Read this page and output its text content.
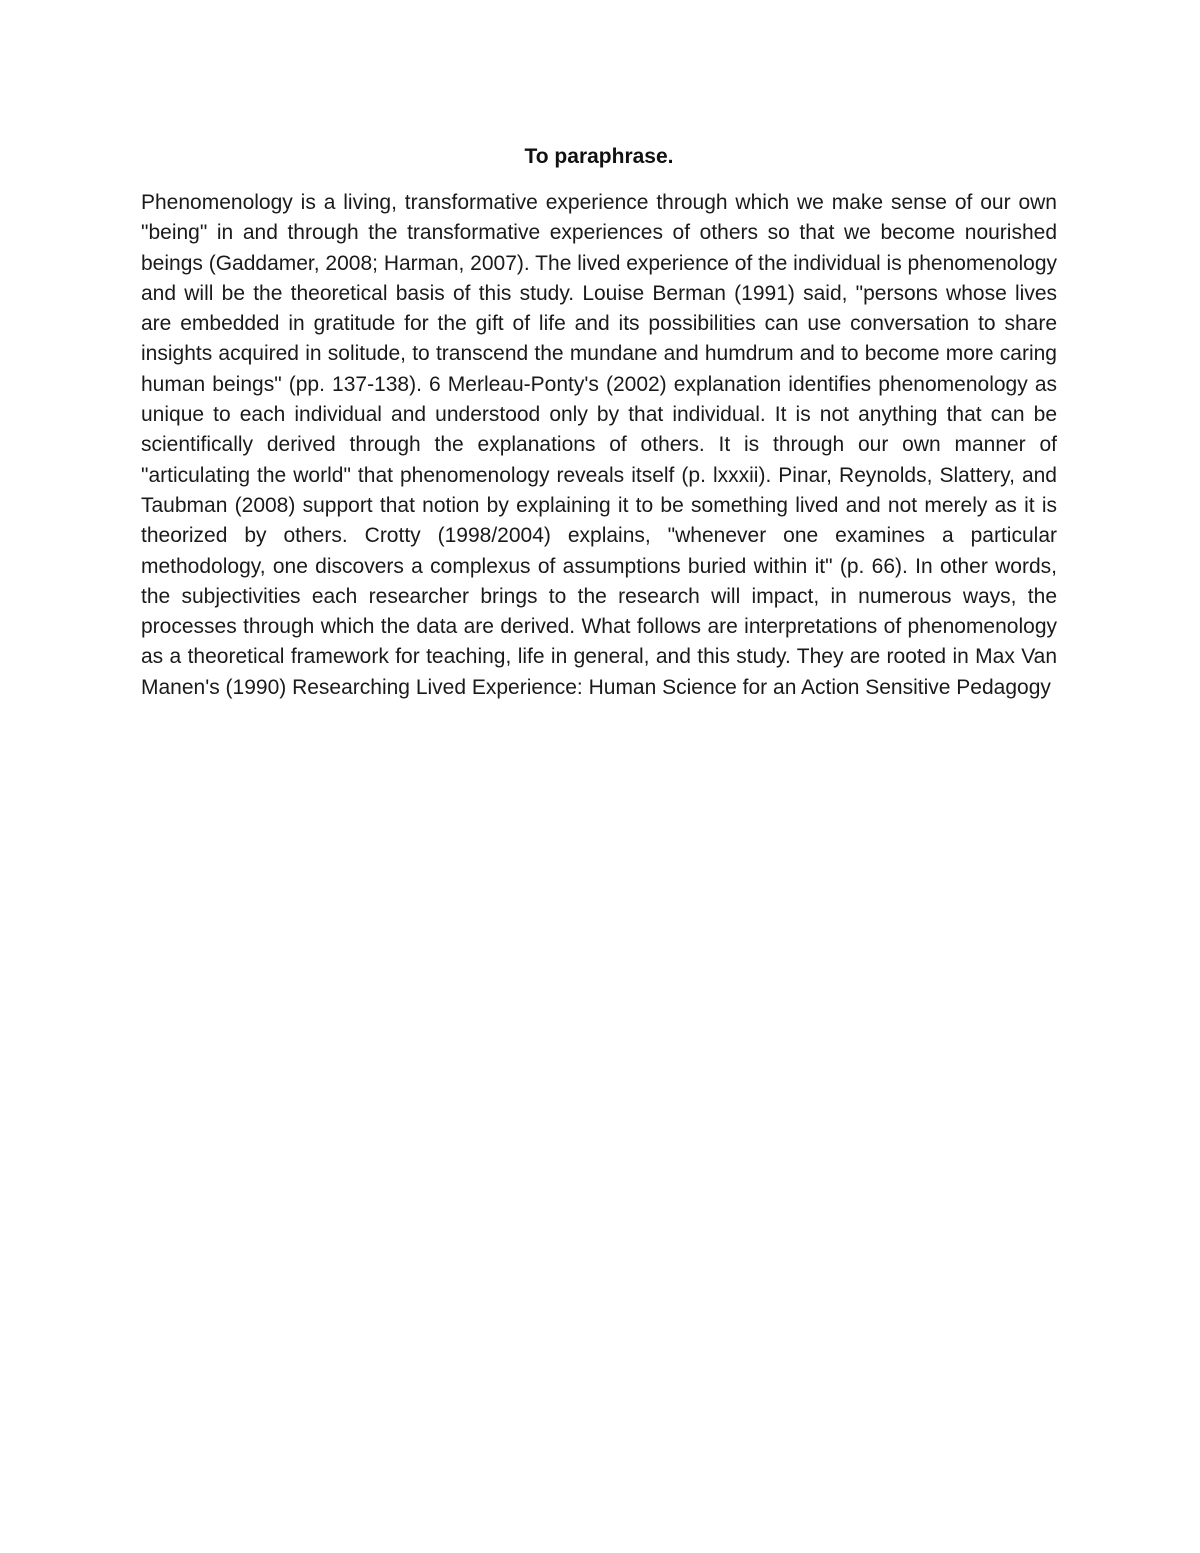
To paraphrase.

Phenomenology is a living, transformative experience through which we make sense of our own "being" in and through the transformative experiences of others so that we become nourished beings (Gaddamer, 2008; Harman, 2007). The lived experience of the individual is phenomenology and will be the theoretical basis of this study. Louise Berman (1991) said, "persons whose lives are embedded in gratitude for the gift of life and its possibilities can use conversation to share insights acquired in solitude, to transcend the mundane and humdrum and to become more caring human beings" (pp. 137-138). 6 Merleau-Ponty's (2002) explanation identifies phenomenology as unique to each individual and understood only by that individual. It is not anything that can be scientifically derived through the explanations of others. It is through our own manner of "articulating the world" that phenomenology reveals itself (p. lxxxii). Pinar, Reynolds, Slattery, and Taubman (2008) support that notion by explaining it to be something lived and not merely as it is theorized by others. Crotty (1998/2004) explains, "whenever one examines a particular methodology, one discovers a complexus of assumptions buried within it" (p. 66). In other words, the subjectivities each researcher brings to the research will impact, in numerous ways, the processes through which the data are derived. What follows are interpretations of phenomenology as a theoretical framework for teaching, life in general, and this study. They are rooted in Max Van Manen's (1990) Researching Lived Experience: Human Science for an Action Sensitive Pedagogy
